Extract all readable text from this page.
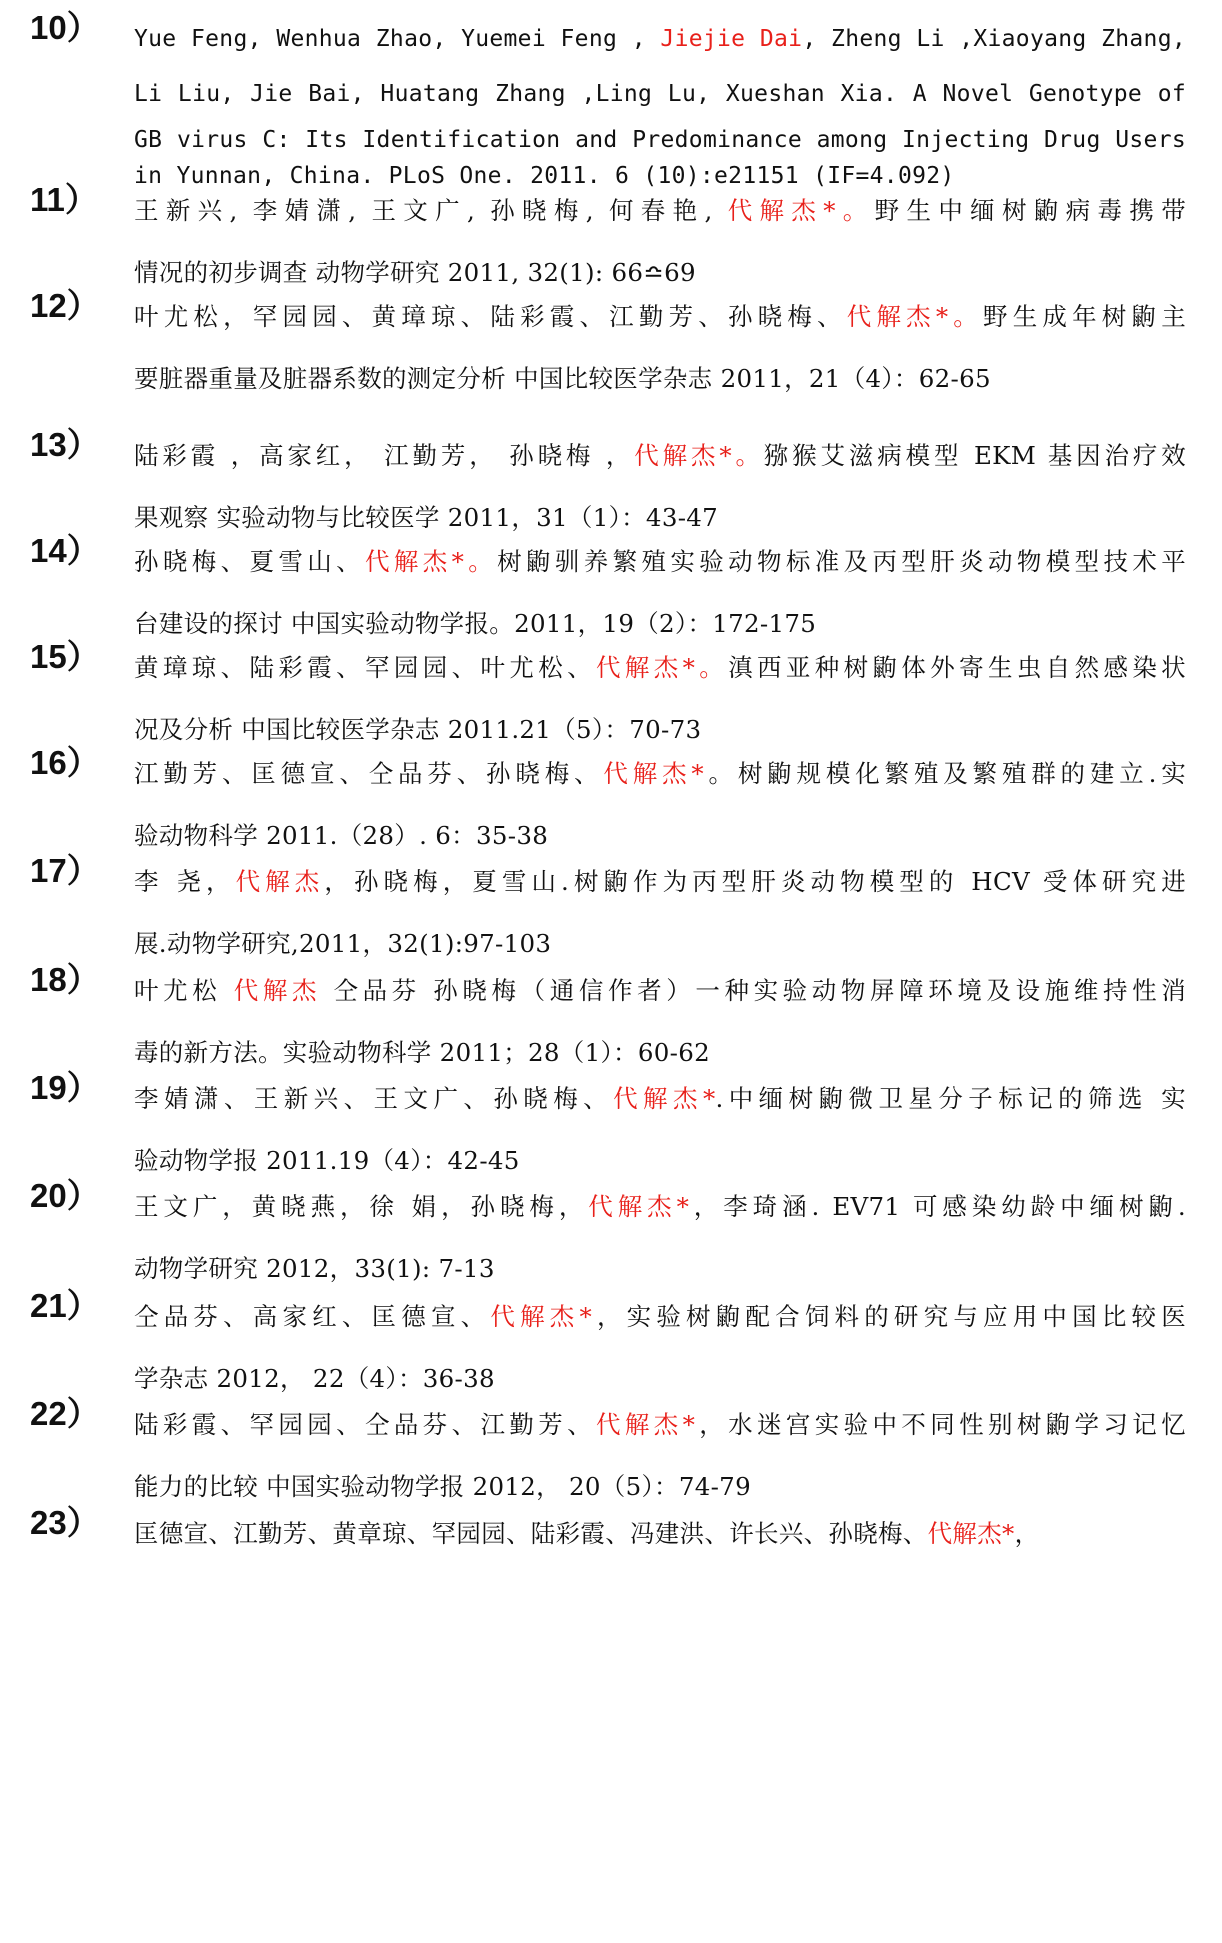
10） Yue Feng, Wenhua Zhao, Yuemei Feng , Jiejie Dai, Zheng Li ,Xiaoyang Zhang,
Li Liu, Jie Bai, Huatang Zhang ,Ling Lu, Xueshan Xia. A Novel Genotype of
GB virus C: Its Identification and Predominance among Injecting Drug Users
in Yunnan, China. PLoS One. 2011. 6 (10):e21151 (IF=4.092)
11） 王新兴, 李婧潇, 王文广, 孙晓梅, 何春艳, 代解杰*。野生中缅树鼩病毒携带
情况的初步调查 动物学研究 2011, 32(1): 66≏69
12） 叶尤松，罕园园、黄璋琼、陆彩霞、江勤芳、孙晓梅、代解杰*。野生成年树鼩主
要脏器重量及脏器系数的测定分析 中国比较医学杂志 2011，21（4）：62-65
13） 陆彩霞 ，高家红， 江勤芳， 孙晓梅 ，代解杰*。猕猴艾滋病模型 EKM 基因治疗效
果观察 实验动物与比较医学 2011，31（1）：43-47
14） 孙晓梅、夏雪山、代解杰*。树鼩驯养繁殖实验动物标准及丙型肝炎动物模型技术平
台建设的探讨 中国实验动物学报。2011，19（2）：172-175
15） 黄璋琼、陆彩霞、罕园园、叶尤松、代解杰*。滇西亚种树鼩体外寄生虫自然感染状
况及分析 中国比较医学杂志 2011.21（5）：70-73
16） 江勤芳、匡德宣、仝品芬、孙晓梅、代解杰*。树鼩规模化繁殖及繁殖群的建立.实
验动物科学 2011.（28）. 6：35-38
17） 李 尧，代解杰，孙晓梅，夏雪山.树鼩作为丙型肝炎动物模型的 HCV 受体研究进
展.动物学研究,2011，32(1):97-103
18） 叶尤松 代解杰 仝品芬 孙晓梅（通信作者）一种实验动物屏障环境及设施维持性消
毒的新方法。实验动物科学 2011；28（1）：60-62
19） 李婧潇、王新兴、王文广、孙晓梅、代解杰*.中缅树鼩微卫星分子标记的筛选 实
验动物学报 2011.19（4）：42-45
20） 王文广，黄晓燕，徐 娟，孙晓梅，代解杰*，李琦涵. EV71 可感染幼龄中缅树鼩.
动物学研究 2012，33(1): 7-13
21） 仝品芬、高家红、匡德宣、代解杰*，实验树鼩配合饲料的研究与应用中国比较医
学杂志 2012， 22（4）：36-38
22） 陆彩霞、罕园园、仝品芬、江勤芳、代解杰*，水迷宫实验中不同性别树鼩学习记忆
能力的比较 中国实验动物学报 2012， 20（5）：74-79
23） 匡德宣、江勤芳、黄章琼、罕园园、陆彩霞、冯建洪、许长兴、孙晓梅、代解杰*，
